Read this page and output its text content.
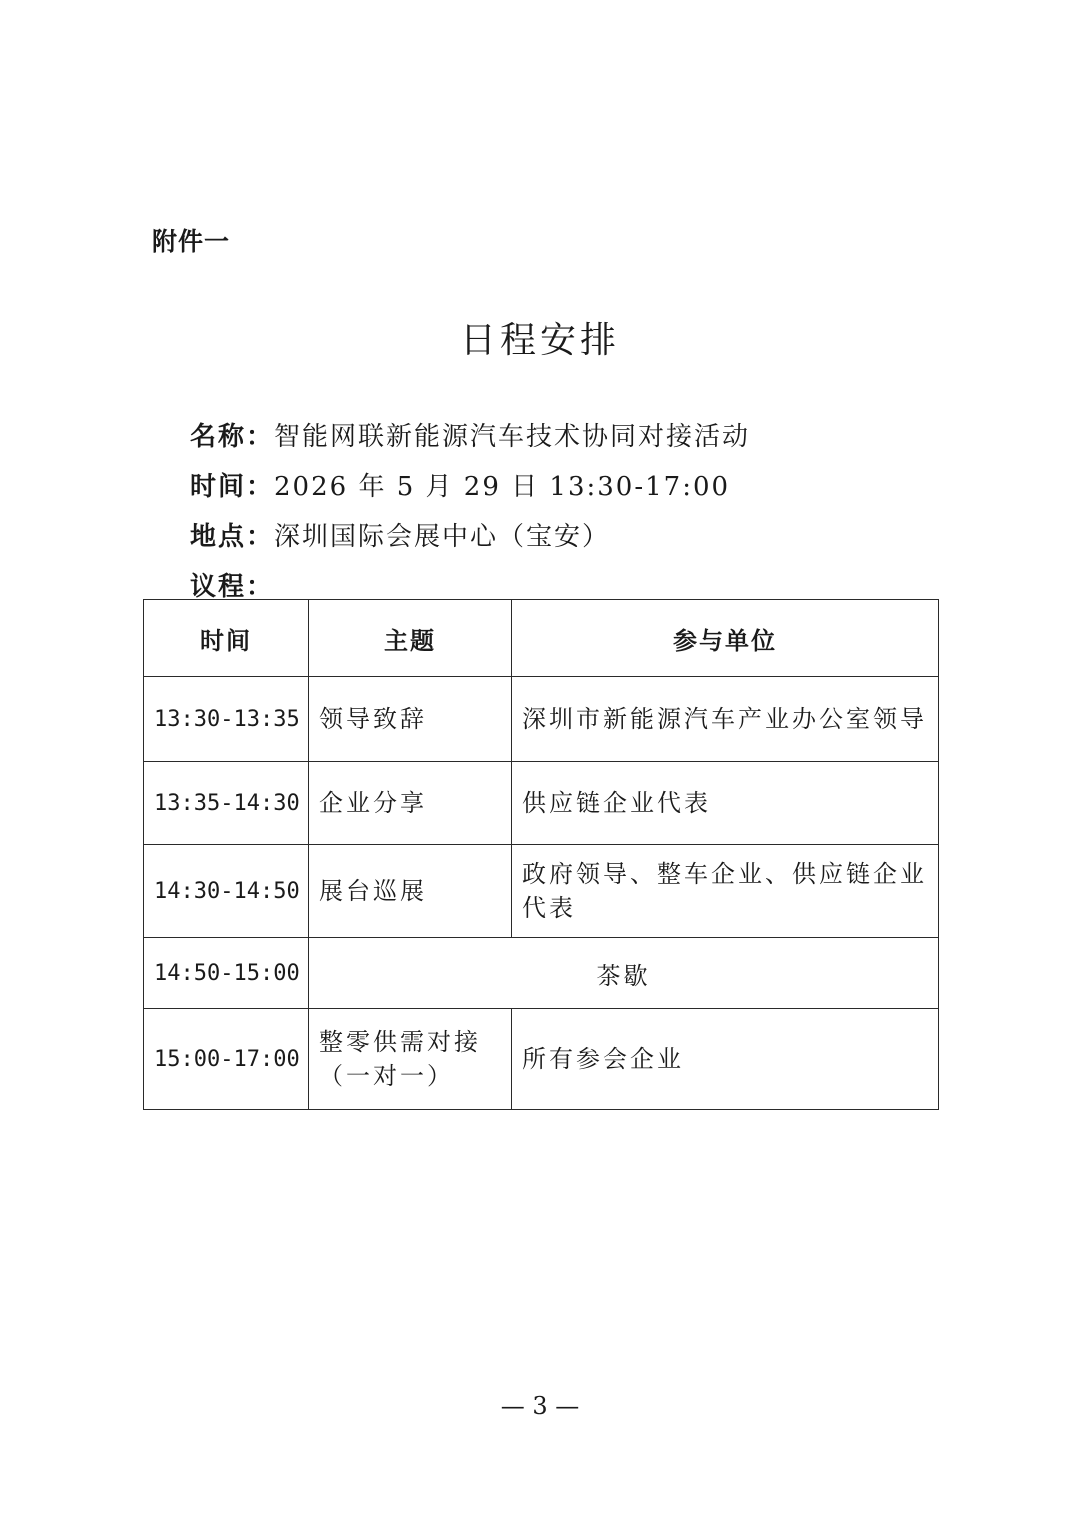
附件一
日程安排
名称：智能网联新能源汽车技术协同对接活动
时间：2026 年 5 月 29 日 13:30-17:00
地点：深圳国际会展中心（宝安）
议程：
时间	主题	参与单位
13:30-13:35	领导致辞	深圳市新能源汽车产业办公室领导
13:35-14:30	企业分享	供应链企业代表
14:30-14:50	展台巡展	政府领导、整车企业、供应链企业代表
14:50-15:00	茶歇	
15:00-17:00	整零供需对接（一对一）	所有参会企业
— 3 —
